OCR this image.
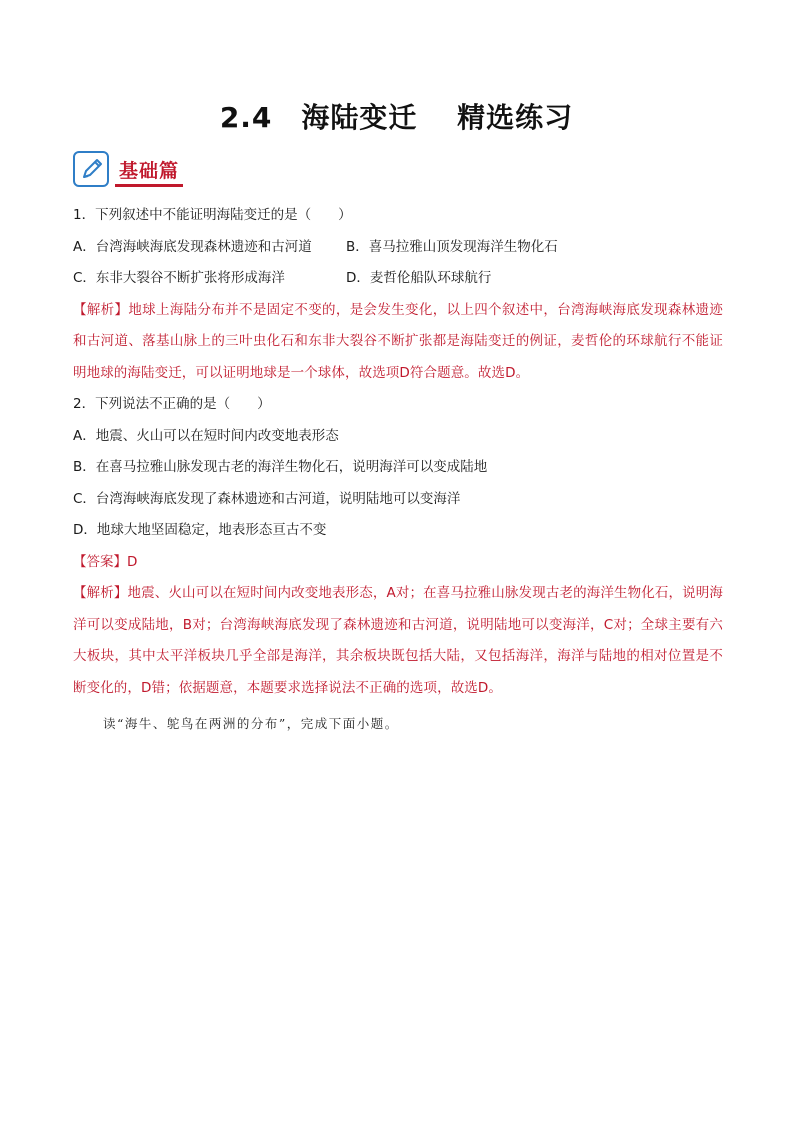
2.4　海陆变迁　 精选练习
基础篇
1．下列叙述中不能证明海陆变迁的是（　　）
A．台湾海峡海底发现森林遗迹和古河道	B．喜马拉雅山顶发现海洋生物化石
C．东非大裂谷不断扩张将形成海洋	D．麦哲伦船队环球航行
【解析】地球上海陆分布并不是固定不变的，是会发生变化，以上四个叙述中，台湾海峡海底发现森林遗迹和古河道、落基山脉上的三叶虫化石和东非大裂谷不断扩张都是海陆变迁的例证，麦哲伦的环球航行不能证明地球的海陆变迁，可以证明地球是一个球体，故选项D符合题意。故选D。
2．下列说法不正确的是（　　）
A．地震、火山可以在短时间内改变地表形态
B．在喜马拉雅山脉发现古老的海洋生物化石，说明海洋可以变成陆地
C．台湾海峡海底发现了森林遗迹和古河道，说明陆地可以变海洋
D．地球大地坚固稳定，地表形态亘古不变
【答案】D
【解析】地震、火山可以在短时间内改变地表形态，A对；在喜马拉雅山脉发现古老的海洋生物化石，说明海洋可以变成陆地，B对；台湾海峡海底发现了森林遗迹和古河道，说明陆地可以变海洋，C对；全球主要有六大板块，其中太平洋板块几乎全部是海洋，其余板块既包括大陆，又包括海洋，海洋与陆地的相对位置是不断变化的，D错；依据题意，本题要求选择说法不正确的选项，故选D。
读“海牛、鸵鸟在两洲的分布”，完成下面小题。
